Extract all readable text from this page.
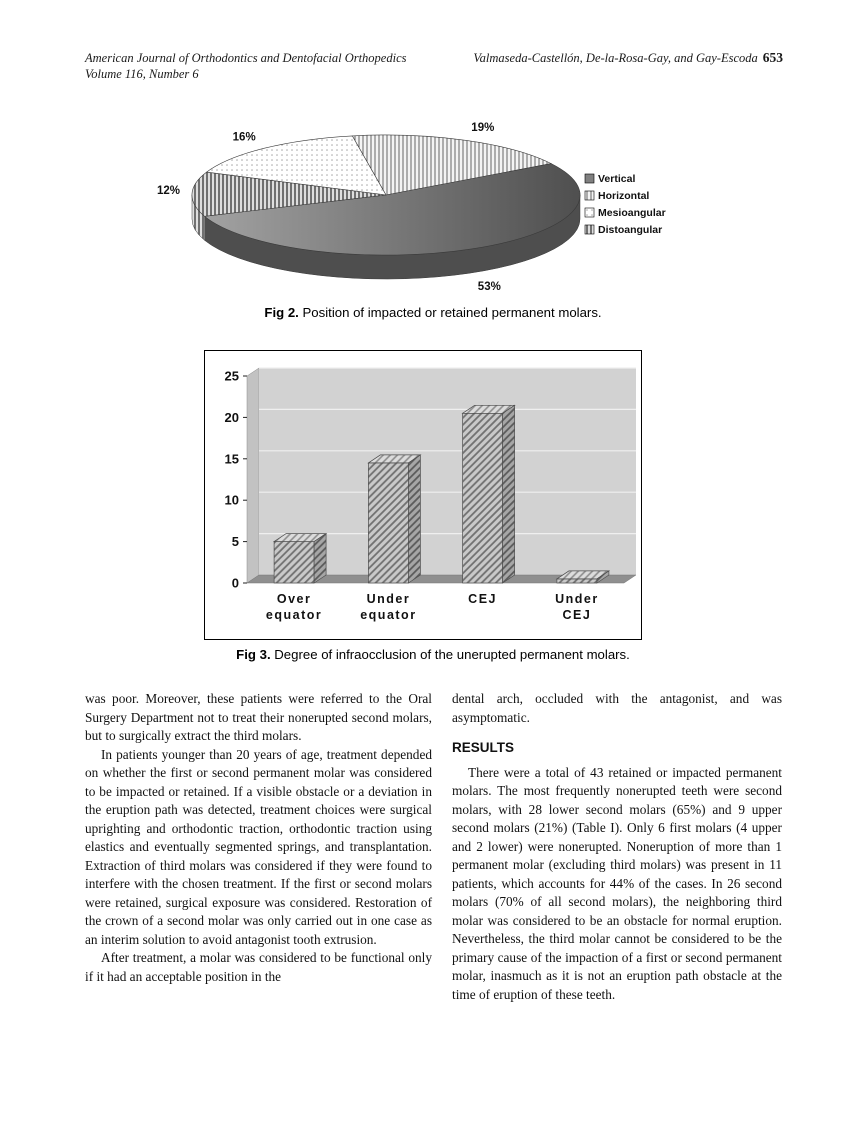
American Journal of Orthodontics and Dentofacial Orthopedics
Volume 116, Number 6
Valmaseda-Castellón, De-la-Rosa-Gay, and Gay-Escoda 653
19%
53%
12%
16%
Vertical
Horizontal
Mesioangular
Distoangular
Fig 2. Position of impacted or retained permanent molars.
0
5
10
15
20
25
Over
equator
Under
equator
CEJ	Under
CEJ
Fig 3. Degree of infraocclusion of the unerupted permanent molars.

was poor. Moreover, these patients were referred to the Oral Surgery Department not to treat their nonerupted second molars, but to surgically extract the third molars.

In patients younger than 20 years of age, treatment depended on whether the first or second permanent molar was considered to be impacted or retained. If a visible obstacle or a deviation in the eruption path was detected, treatment choices were surgical uprighting and orthodontic traction, orthodontic traction using elastics and eventually segmented springs, and transplantation. Extraction of third molars was considered if they were found to interfere with the chosen treatment. If the first or second molars were retained, surgical exposure was considered. Restoration of the crown of a second molar was only carried out in one case as an interim solution to avoid antagonist tooth extrusion.

After treatment, a molar was considered to be functional only if it had an acceptable position in the

dental arch, occluded with the antagonist, and was asymptomatic.

RESULTS

There were a total of 43 retained or impacted permanent molars. The most frequently nonerupted teeth were second molars, with 28 lower second molars (65%) and 9 upper second molars (21%) (Table I). Only 6 first molars (4 upper and 2 lower) were nonerupted. Noneruption of more than 1 permanent molar (excluding third molars) was present in 11 patients, which accounts for 44% of the cases. In 26 second molars (70% of all second molars), the neighboring third molar was considered to be an obstacle for normal eruption. Nevertheless, the third molar cannot be considered to be the primary cause of the impaction of a first or second permanent molar, inasmuch as it is not an eruption path obstacle at the time of eruption of these teeth.
